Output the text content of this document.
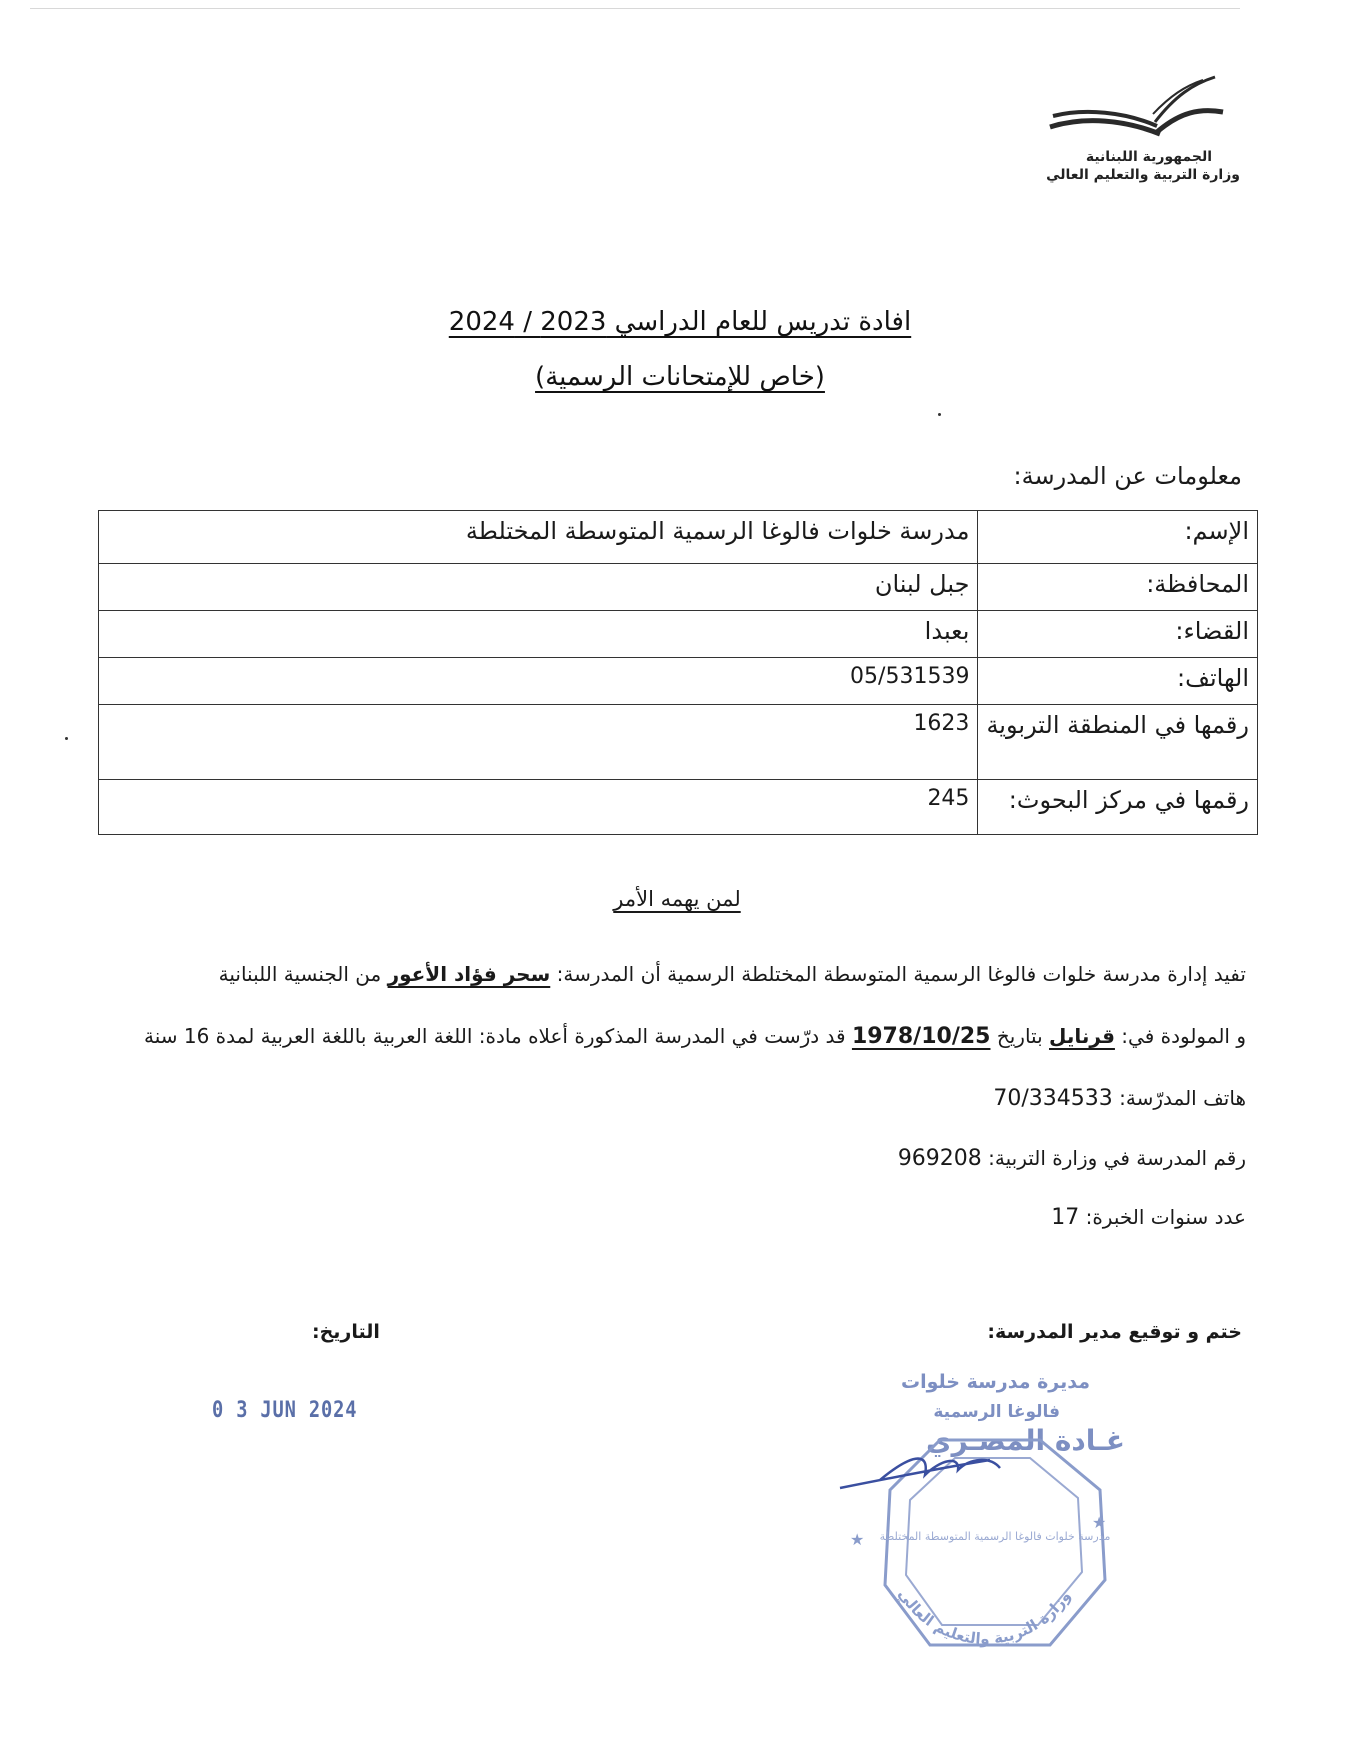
الجمهورية اللبنانية
وزارة التربية والتعليم العالي
افادة تدريس للعام الدراسي 2023 / 2024
(خاص للإمتحانات الرسمية)
معلومات عن المدرسة:
الإسم:	مدرسة خلوات فالوغا الرسمية المتوسطة المختلطة
المحافظة:	جبل لبنان
القضاء:	بعبدا
الهاتف:	05/531539
رقمها في المنطقة التربوية	1623
رقمها في مركز البحوث:	245
لمن يهمه الأمر
تفيد إدارة مدرسة خلوات فالوغا الرسمية المتوسطة المختلطة الرسمية أن المدرسة: سحر فؤاد الأعور من الجنسية اللبنانية
و المولودة في: قرنايل بتاريخ 1978/10/25 قد درّست في المدرسة المذكورة أعلاه مادة: اللغة العربية باللغة العربية لمدة 16 سنة
هاتف المدرّسة: 70/334533
رقم المدرسة في وزارة التربية: 969208
عدد سنوات الخبرة: 17
ختم و توقيع مدير المدرسة:
التاريخ:
0 3 JUN 2024
مديرة مدرسة خلوات
فالوغا الرسمية
غـادة المصـري
وزارة التربية والتعليم العالي
مدرسة خلوات فالوغا الرسمية المتوسطة المختلطة
★
★
